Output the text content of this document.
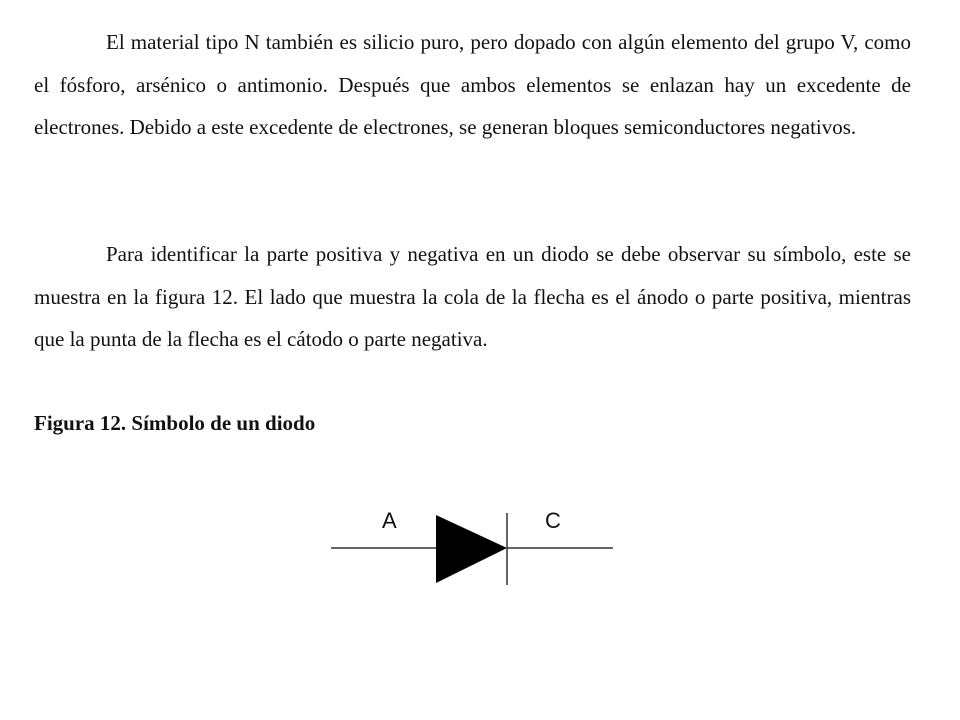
El material tipo N también es silicio puro, pero dopado con algún elemento del grupo V, como el fósforo, arsénico o antimonio. Después que ambos elementos se enlazan hay un excedente de electrones. Debido a este excedente de electrones, se generan bloques semiconductores negativos.

Para identificar la parte positiva y negativa en un diodo se debe observar su símbolo, este se muestra en la figura 12. El lado que muestra la cola de la flecha es el ánodo o parte positiva, mientras que la punta de la flecha es el cátodo o parte negativa.

Figura 12. Símbolo de un diodo

A	C
